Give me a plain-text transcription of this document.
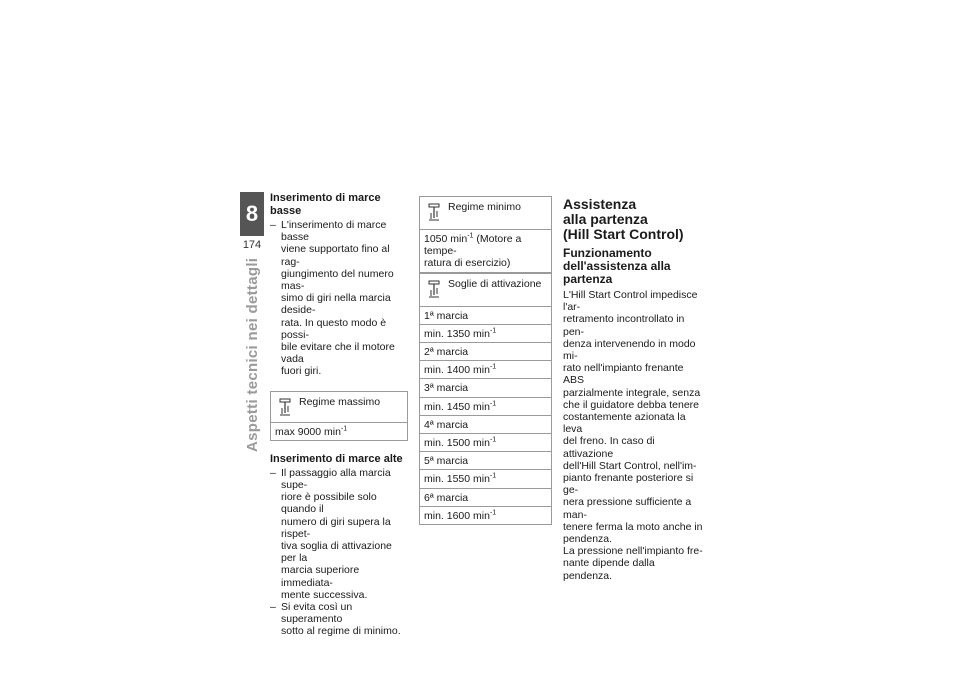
8
174
Aspetti tecnici nei dettagli
Inserimento di marce basse
– L'inserimento di marce basse
viene supportato fino al rag-
giungimento del numero mas-
simo di giri nella marcia deside-
rata. In questo modo è possi-
bile evitare che il motore vada
fuori giri.
Regime massimo
max 9000 $\min^{-1}$
Inserimento di marce alte
– Il passaggio alla marcia supe-
riore è possibile solo quando il
numero di giri supera la rispet-
tiva soglia di attivazione per la
marcia superiore immediata-
mente successiva.
– Si evita così un superamento
sotto al regime di minimo.
Regime minimo
1050 $\min^{-1}$ (Motore a tempe-
ratura di esercizio)
Soglie di attivazione
1ª marcia
min. 1350 $\min^{-1}$
2ª marcia
min. 1400 $\min^{-1}$
3ª marcia
min. 1450 $\min^{-1}$
4ª marcia
min. 1500 $\min^{-1}$
5ª marcia
min. 1550 $\min^{-1}$
6ª marcia
min. 1600 $\min^{-1}$
Assistenza
alla partenza
(Hill Start Control)
Funzionamento
dell'assistenza alla
partenza

L'Hill Start Control impedisce l'ar-
retramento incontrollato in pen-
denza intervenendo in modo mi-
rato nell'impianto frenante ABS
parzialmente integrale, senza
che il guidatore debba tenere
costantemente azionata la leva
del freno. In caso di attivazione
dell'Hill Start Control, nell'im-
pianto frenante posteriore si ge-
nera pressione sufficiente a man-
tenere ferma la moto anche in
pendenza.

La pressione nell'impianto fre-
nante dipende dalla pendenza.
